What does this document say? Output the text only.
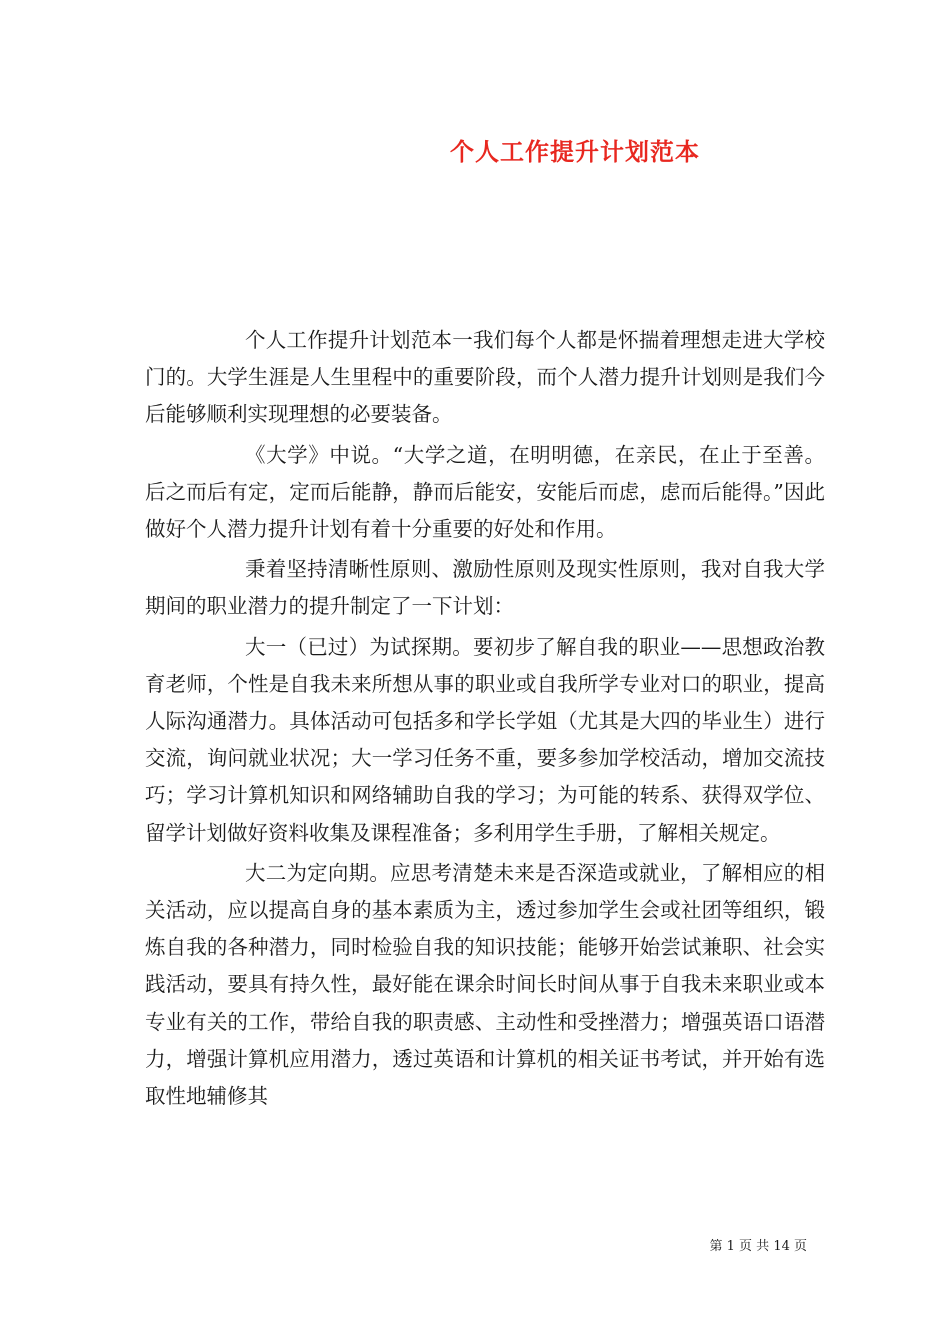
个人工作提升计划范本

个人工作提升计划范本一我们每个人都是怀揣着理想走进大学校门的。大学生涯是人生里程中的重要阶段，而个人潜力提升计划则是我们今后能够顺利实现理想的必要装备。

《大学》中说。“大学之道，在明明德，在亲民，在止于至善。后之而后有定，定而后能静，静而后能安，安能后而虑，虑而后能得。”因此做好个人潜力提升计划有着十分重要的好处和作用。

秉着坚持清晰性原则、激励性原则及现实性原则，我对自我大学期间的职业潜力的提升制定了一下计划：

大一（已过）为试探期。要初步了解自我的职业——思想政治教育老师，个性是自我未来所想从事的职业或自我所学专业对口的职业，提高人际沟通潜力。具体活动可包括多和学长学姐（尤其是大四的毕业生）进行交流，询问就业状况；大一学习任务不重，要多参加学校活动，增加交流技巧；学习计算机知识和网络辅助自我的学习；为可能的转系、获得双学位、留学计划做好资料收集及课程准备；多利用学生手册，了解相关规定。

大二为定向期。应思考清楚未来是否深造或就业，了解相应的相关活动，应以提高自身的基本素质为主，透过参加学生会或社团等组织，锻炼自我的各种潜力，同时检验自我的知识技能；能够开始尝试兼职、社会实践活动，要具有持久性，最好能在课余时间长时间从事于自我未来职业或本专业有关的工作，带给自我的职责感、主动性和受挫潜力；增强英语口语潜力，增强计算机应用潜力，透过英语和计算机的相关证书考试，并开始有选取性地辅修其

第 1 页 共 14 页
